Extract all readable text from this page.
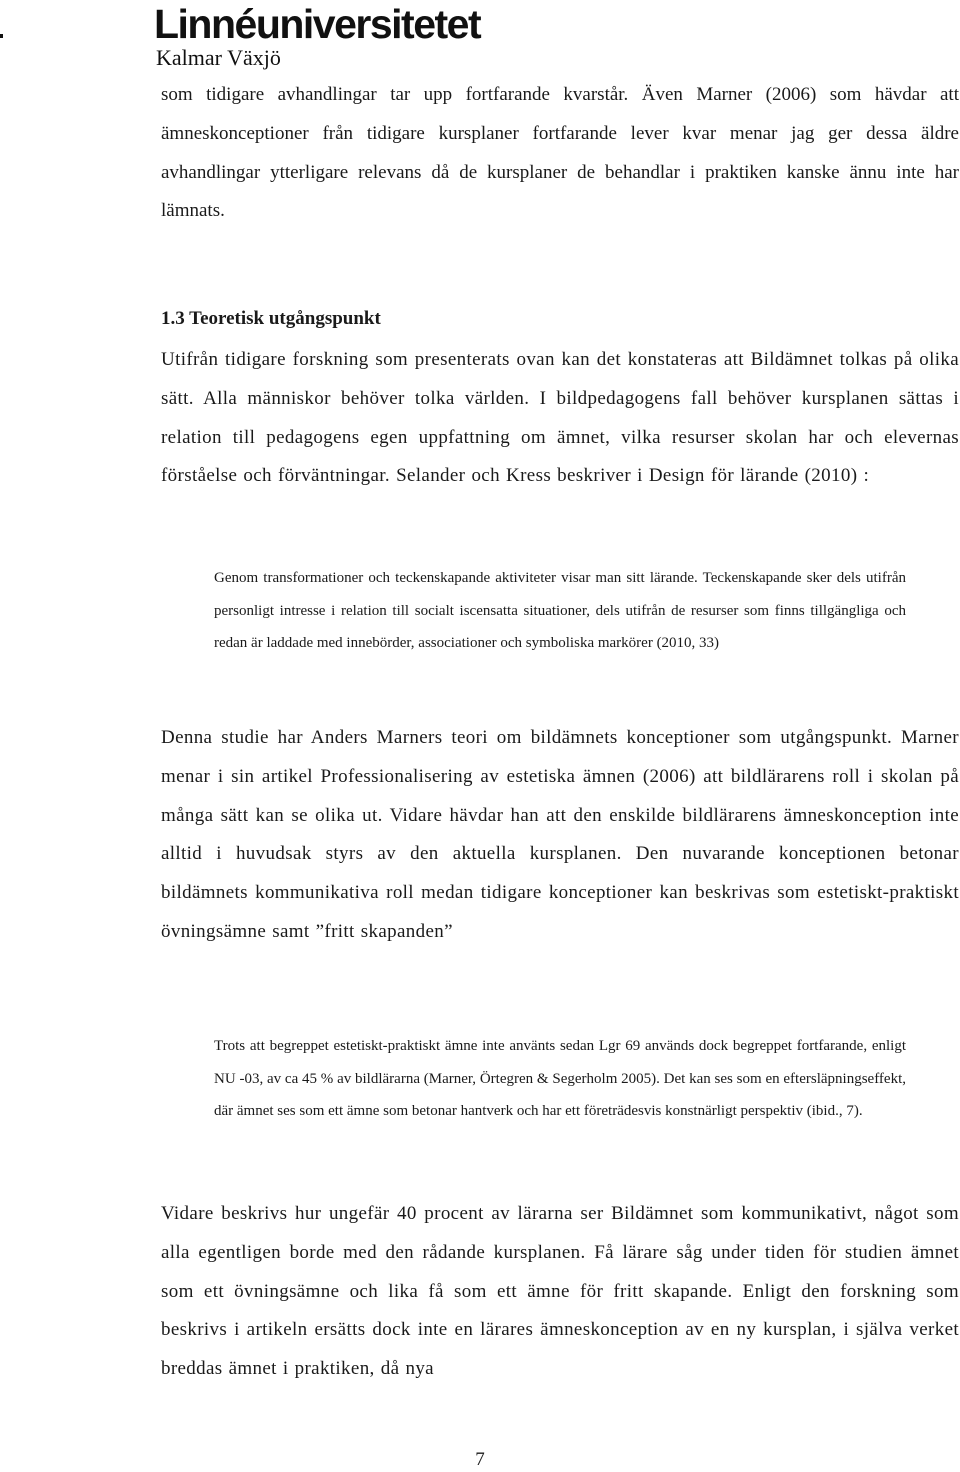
Linnéuniversitetet
Kalmar Växjö

som tidigare avhandlingar tar upp fortfarande kvarstår. Även Marner (2006) som hävdar att ämneskonceptioner från tidigare kursplaner fortfarande lever kvar menar jag ger dessa äldre avhandlingar ytterligare relevans då de kursplaner de behandlar i praktiken kanske ännu inte har lämnats.

1.3 Teoretisk utgångspunkt

Utifrån tidigare forskning som presenterats ovan kan det konstateras att Bildämnet tolkas på olika sätt. Alla människor behöver tolka världen. I bildpedagogens fall behöver kursplanen sättas i relation till pedagogens egen uppfattning om ämnet, vilka resurser skolan har och elevernas förståelse och förväntningar. Selander och Kress beskriver i Design för lärande (2010) :

Genom transformationer och teckenskapande aktiviteter visar man sitt lärande. Teckenskapande sker dels utifrån personligt intresse i relation till socialt iscensatta situationer, dels utifrån de resurser som finns tillgängliga och redan är laddade med innebörder, associationer och symboliska markörer (2010, 33)

Denna studie har Anders Marners teori om bildämnets konceptioner som utgångspunkt. Marner menar i sin artikel Professionalisering av estetiska ämnen (2006) att bildlärarens roll i skolan på många sätt kan se olika ut. Vidare hävdar han att den enskilde bildlärarens ämneskonception inte alltid i huvudsak styrs av den aktuella kursplanen. Den nuvarande konceptionen betonar bildämnets kommunikativa roll medan tidigare konceptioner kan beskrivas som estetiskt-praktiskt övningsämne samt ”fritt skapanden”

Trots att begreppet estetiskt-praktiskt ämne inte använts sedan Lgr 69 används dock begreppet fortfarande, enligt NU -03, av ca 45 % av bildlärarna (Marner, Örtegren & Segerholm 2005). Det kan ses som en eftersläpningseffekt, där ämnet ses som ett ämne som betonar hantverk och har ett företrädesvis konstnärligt perspektiv (ibid., 7).

Vidare beskrivs hur ungefär 40 procent av lärarna ser Bildämnet som kommunikativt, något som alla egentligen borde med den rådande kursplanen. Få lärare såg under tiden för studien ämnet som ett övningsämne och lika få som ett ämne för fritt skapande. Enligt den forskning som beskrivs i artikeln ersätts dock inte en lärares ämneskonception av en ny kursplan, i själva verket breddas ämnet i praktiken, då nya

7
